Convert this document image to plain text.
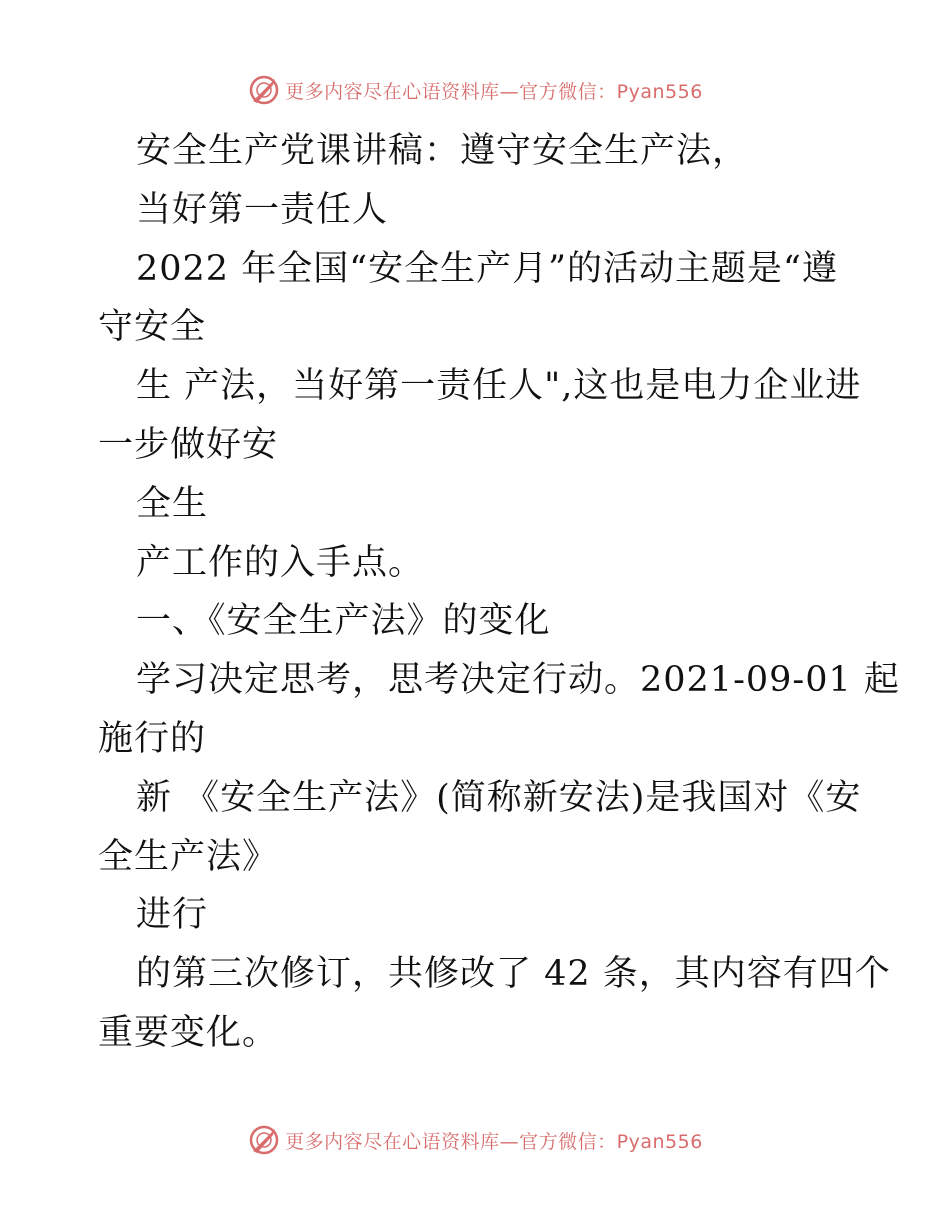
更多内容尽在心语资料库—官方微信：Pyan556
安全生产党课讲稿：遵守安全生产法，
当好第一责任人
2022 年全国“安全生产月”的活动主题是“遵
守安全
生 产法，当好第一责任人",这也是电力企业进
一步做好安
全生
产工作的入手点。
一、《安全生产法》的变化
学习决定思考，思考决定行动。2021-09-01 起
施行的
新 《安全生产法》(简称新安法)是我国对《安
全生产法》
进行
的第三次修订，共修改了 42 条，其内容有四个
重要变化。
更多内容尽在心语资料库—官方微信：Pyan556
